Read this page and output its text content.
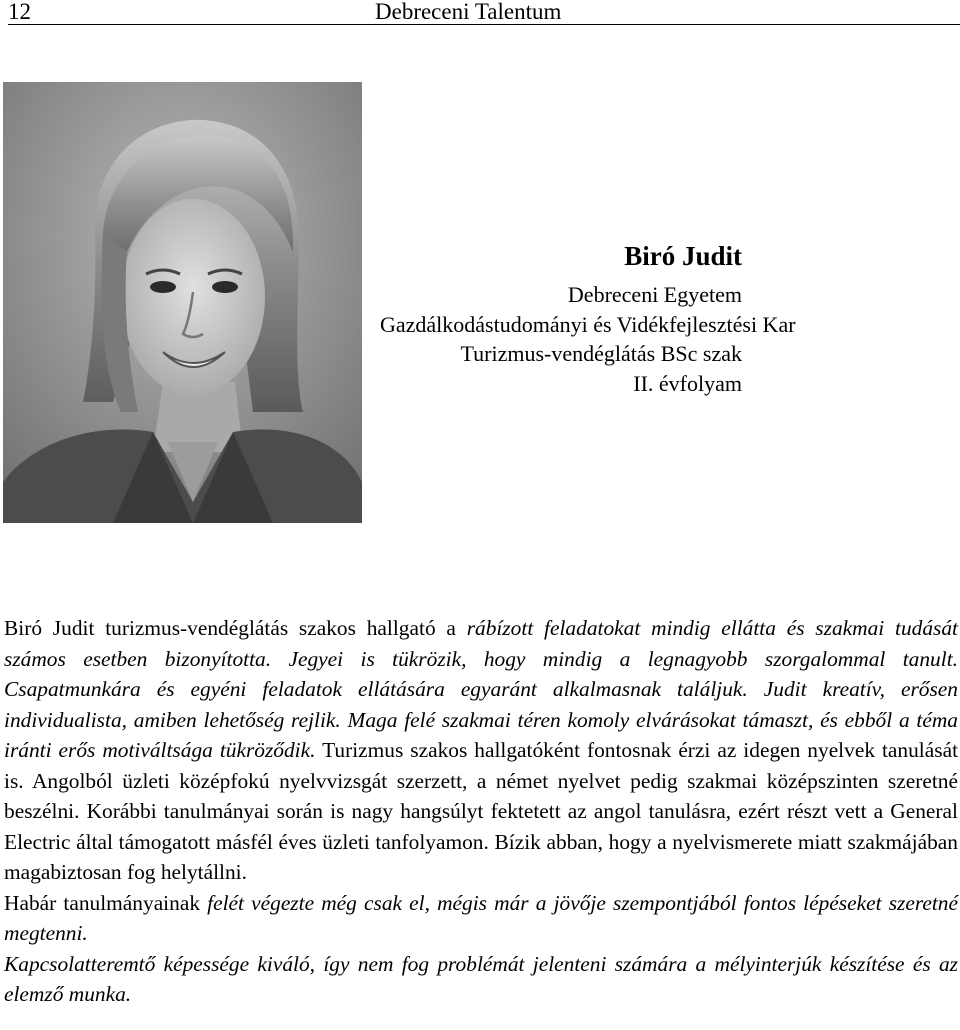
12	Debreceni Talentum
Biró Judit
Debreceni Egyetem
Gazdálkodástudományi és Vidékfejlesztési Kar
Turizmus-vendéglátás BSc szak
II. évfolyam

Biró Judit turizmus-vendéglátás szakos hallgató a rábízott feladatokat mindig ellátta és szakmai tudását számos esetben bizonyította. Jegyei is tükrözik, hogy mindig a legnagyobb szorgalommal tanult. Csapatmunkára és egyéni feladatok ellátására egyaránt alkalmasnak találjuk. Judit kreatív, erősen individualista, amiben lehetőség rejlik. Maga felé szakmai téren komoly elvárásokat támaszt, és ebből a téma iránti erős motiváltsága tükröződik. Turizmus szakos hallgatóként fontosnak érzi az idegen nyelvek tanulását is. Angolból üzleti középfokú nyelvvizsgát szerzett, a német nyelvet pedig szakmai középszinten szeretné beszélni. Korábbi tanulmányai során is nagy hangsúlyt fektetett az angol tanulásra, ezért részt vett a General Electric által támogatott másfél éves üzleti tanfolyamon. Bízik abban, hogy a nyelvismerete miatt szakmájában magabiztosan fog helytállni.

Habár tanulmányainak felét végezte még csak el, mégis már a jövője szempontjából fontos lépéseket szeretné megtenni.

Kapcsolatteremtő képessége kiváló, így nem fog problémát jelenteni számára a mélyinterjúk készítése és az elemző munka.
